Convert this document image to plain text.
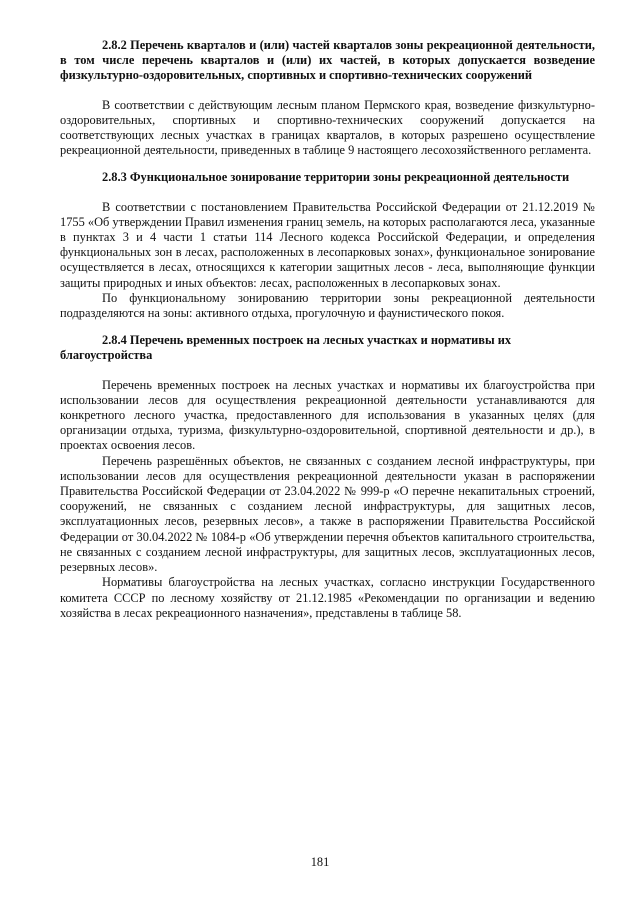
2.8.2 Перечень кварталов и (или) частей кварталов зоны рекреационной деятельности, в том числе перечень кварталов и (или) их частей, в которых допускается возведение физкультурно-оздоровительных, спортивных и спортивно-технических сооружений

В соответствии с действующим лесным планом Пермского края, возведение физкультурно-оздоровительных, спортивных и спортивно-технических сооружений допускается на соответствующих лесных участках в границах кварталов, в которых разрешено осуществление рекреационной деятельности, приведенных в таблице 9 настоящего лесохозяйственного регламента.

2.8.3 Функциональное зонирование территории зоны рекреационной деятельности

В соответствии с постановлением Правительства Российской Федерации от 21.12.2019 № 1755 «Об утверждении Правил изменения границ земель, на которых располагаются леса, указанные в пунктах 3 и 4 части 1 статьи 114 Лесного кодекса Российской Федерации, и определения функциональных зон в лесах, расположенных в лесопарковых зонах», функциональное зонирование осуществляется в лесах, относящихся к категории защитных лесов - леса, выполняющие функции защиты природных и иных объектов: лесах, расположенных в лесопарковых зонах.

По функциональному зонированию территории зоны рекреационной деятельности подразделяются на зоны: активного отдыха, прогулочную и фаунистического покоя.

2.8.4 Перечень временных построек на лесных участках и нормативы их благоустройства

Перечень временных построек на лесных участках и нормативы их благоустройства при использовании лесов для осуществления рекреационной деятельности устанавливаются для конкретного лесного участка, предоставленного для использования в указанных целях (для организации отдыха, туризма, физкультурно-оздоровительной, спортивной деятельности и др.), в проектах освоения лесов.

Перечень разрешённых объектов, не связанных с созданием лесной инфраструктуры, при использовании лесов для осуществления рекреационной деятельности указан в распоряжении Правительства Российской Федерации от 23.04.2022 № 999-р «О перечне некапитальных строений, сооружений, не связанных с созданием лесной инфраструктуры, для защитных лесов, эксплуатационных лесов, резервных лесов», а также в распоряжении Правительства Российской Федерации от 30.04.2022 № 1084-р «Об утверждении перечня объектов капитального строительства, не связанных с созданием лесной инфраструктуры, для защитных лесов, эксплуатационных лесов, резервных лесов».

Нормативы благоустройства на лесных участках, согласно инструкции Государственного комитета СССР по лесному хозяйству от 21.12.1985 «Рекомендации по организации и ведению хозяйства в лесах рекреационного назначения», представлены в таблице 58.

181
